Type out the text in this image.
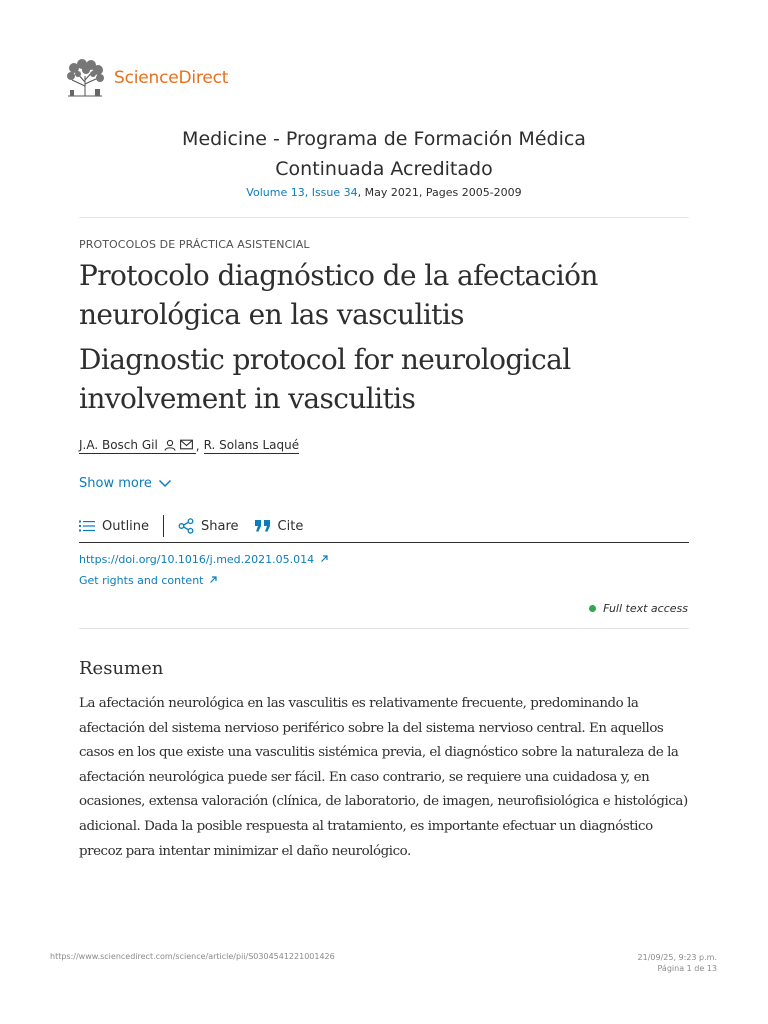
ScienceDirect
Medicine - Programa de Formación Médica
Continuada Acreditado
Volume 13, Issue 34, May 2021, Pages 2005-2009
PROTOCOLOS DE PRÁCTICA ASISTENCIAL
Protocolo diagnóstico de la afectación neurológica en las vasculitis
Diagnostic protocol for neurological involvement in vasculitis
J.A. Bosch Gil	, R. Solans Laqué
Show more
Outline	Share	Cite
https://doi.org/10.1016/j.med.2021.05.014
Get rights and content
Full text access
Resumen
La afectación neurológica en las vasculitis es relativamente frecuente, predominando la afectación del sistema nervioso periférico sobre la del sistema nervioso central. En aquellos casos en los que existe una vasculitis sistémica previa, el diagnóstico sobre la naturaleza de la afectación neurológica puede ser fácil. En caso contrario, se requiere una cuidadosa y, en ocasiones, extensa valoración (clínica, de laboratorio, de imagen, neurofisiológica e histológica) adicional. Dada la posible respuesta al tratamiento, es importante efectuar un diagnóstico precoz para intentar minimizar el daño neurológico.
https://www.sciencedirect.com/science/article/pii/S0304541221001426	21/09/25, 9:23 p.m.
Página 1 de 13
